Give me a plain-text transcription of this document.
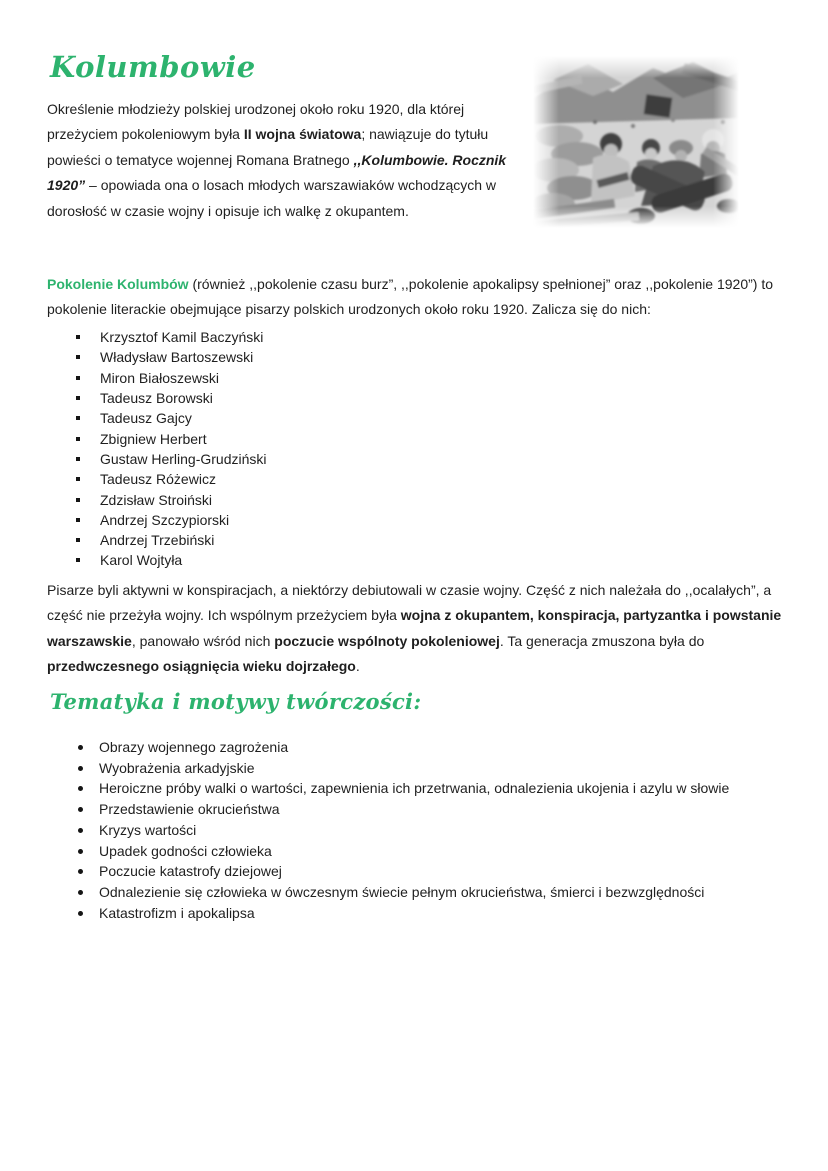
Kolumbowie

Określenie młodzieży polskiej urodzonej około roku 1920, dla której przeżyciem pokoleniowym była II wojna światowa; nawiązuje do tytułu powieści o tematyce wojennej Romana Bratnego ,,Kolumbowie. Rocznik 1920” – opowiada ona o losach młodych warszawiaków wchodzących w dorosłość w czasie wojny i opisuje ich walkę z okupantem.

Pokolenie Kolumbów (również ,,pokolenie czasu burz”, ,,pokolenie apokalipsy spełnionej” oraz ,,pokolenie 1920”) to pokolenie literackie obejmujące pisarzy polskich urodzonych około roku 1920. Zalicza się do nich:

Krzysztof Kamil Baczyński
Władysław Bartoszewski
Miron Białoszewski
Tadeusz Borowski
Tadeusz Gajcy
Zbigniew Herbert
Gustaw Herling-Grudziński
Tadeusz Różewicz
Zdzisław Stroiński
Andrzej Szczypiorski
Andrzej Trzebiński
Karol Wojtyła

Pisarze byli aktywni w konspiracjach, a niektórzy debiutowali w czasie wojny. Część z nich należała do ,,ocalałych”, a część nie przeżyła wojny. Ich wspólnym przeżyciem była wojna z okupantem, konspiracja, partyzantka i powstanie warszawskie, panowało wśród nich poczucie wspólnoty pokoleniowej. Ta generacja zmuszona była do przedwczesnego osiągnięcia wieku dojrzałego.

Tematyka i motywy twórczości:
Obrazy wojennego zagrożenia
Wyobrażenia arkadyjskie
Heroiczne próby walki o wartości, zapewnienia ich przetrwania, odnalezienia ukojenia i azylu w słowie
Przedstawienie okrucieństwa
Kryzys wartości
Upadek godności człowieka
Poczucie katastrofy dziejowej
Odnalezienie się człowieka w ówczesnym świecie pełnym okrucieństwa, śmierci i bezwzględności
Katastrofizm i apokalipsa
